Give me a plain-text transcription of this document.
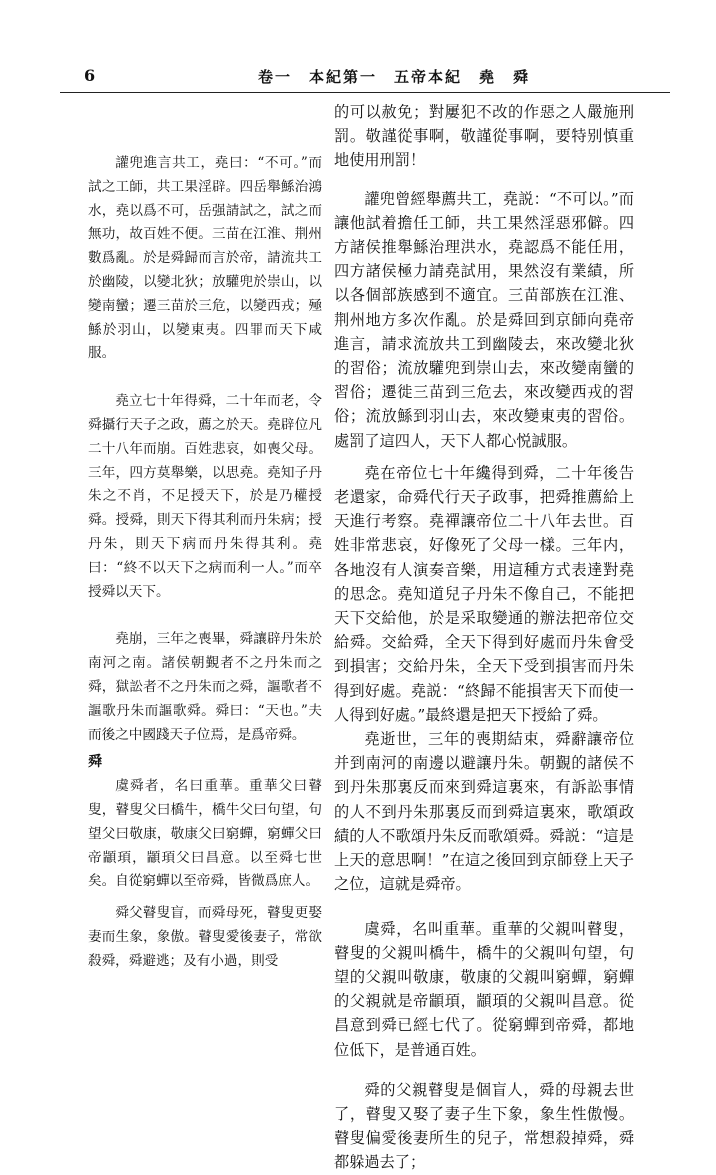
6	卷一　本紀第一　五帝本紀　堯　舜

讙兜進言共工，堯曰：“不可。”而試之工師，共工果淫辟。四岳舉鯀治鴻水，堯以爲不可，岳强請試之，試之而無功，故百姓不便。三苗在江淮、荆州數爲亂。於是舜歸而言於帝，請流共工於幽陵，以變北狄；放驩兜於崇山，以變南蠻；遷三苗於三危，以變西戎；殛鯀於羽山，以變東夷。四罪而天下咸服。

堯立七十年得舜，二十年而老，令舜攝行天子之政，薦之於天。堯辟位凡二十八年而崩。百姓悲哀，如喪父母。三年，四方莫舉樂，以思堯。堯知子丹朱之不肖，不足授天下，於是乃權授舜。授舜，則天下得其利而丹朱病；授丹朱，則天下病而丹朱得其利。堯曰：“終不以天下之病而利一人。”而卒授舜以天下。

堯崩，三年之喪畢，舜讓辟丹朱於南河之南。諸侯朝覲者不之丹朱而之舜，獄訟者不之丹朱而之舜，謳歌者不謳歌丹朱而謳歌舜。舜曰：“天也。”夫而後之中國踐天子位焉，是爲帝舜。

舜

虞舜者，名曰重華。重華父曰瞽叟，瞽叟父曰橋牛，橋牛父曰句望，句望父曰敬康，敬康父曰窮蟬，窮蟬父曰帝顓頊，顓頊父曰昌意。以至舜七世矣。自從窮蟬以至帝舜，皆微爲庶人。

舜父瞽叟盲，而舜母死，瞽叟更娶妻而生象，象傲。瞽叟愛後妻子，常欲殺舜，舜避逃；及有小過，則受

的可以赦免；對屢犯不改的作惡之人嚴施刑罰。敬謹從事啊，敬謹從事啊，要特别慎重地使用刑罰！

讙兜曾經舉薦共工，堯説：“不可以。”而讓他試着擔任工師，共工果然淫惡邪僻。四方諸侯推舉鯀治理洪水，堯認爲不能任用，四方諸侯極力請堯試用，果然沒有業績，所以各個部族感到不適宜。三苗部族在江淮、荆州地方多次作亂。於是舜回到京師向堯帝進言，請求流放共工到幽陵去，來改變北狄的習俗；流放驩兜到崇山去，來改變南蠻的習俗；遷徙三苗到三危去，來改變西戎的習俗；流放鯀到羽山去，來改變東夷的習俗。處罰了這四人，天下人都心悦誠服。

堯在帝位七十年纔得到舜，二十年後告老還家，命舜代行天子政事，把舜推薦給上天進行考察。堯禪讓帝位二十八年去世。百姓非常悲哀，好像死了父母一樣。三年内，各地沒有人演奏音樂，用這種方式表達對堯的思念。堯知道兒子丹朱不像自己，不能把天下交給他，於是采取變通的辦法把帝位交給舜。交給舜，全天下得到好處而丹朱會受到損害；交給丹朱，全天下受到損害而丹朱得到好處。堯説：“終歸不能損害天下而使一人得到好處。”最終還是把天下授給了舜。

堯逝世，三年的喪期結束，舜辭讓帝位并到南河的南邊以避讓丹朱。朝覲的諸侯不到丹朱那裏反而來到舜這裏來，有訴訟事情的人不到丹朱那裏反而到舜這裏來，歌頌政績的人不歌頌丹朱反而歌頌舜。舜説：“這是上天的意思啊！”在這之後回到京師登上天子之位，這就是舜帝。

虞舜，名叫重華。重華的父親叫瞽叟，瞽叟的父親叫橋牛，橋牛的父親叫句望，句望的父親叫敬康，敬康的父親叫窮蟬，窮蟬的父親就是帝顓頊，顓頊的父親叫昌意。從昌意到舜已經七代了。從窮蟬到帝舜，都地位低下，是普通百姓。

舜的父親瞽叟是個盲人，舜的母親去世了，瞽叟又娶了妻子生下象，象生性傲慢。瞽叟偏愛後妻所生的兒子，常想殺掉舜，舜都躲過去了；
